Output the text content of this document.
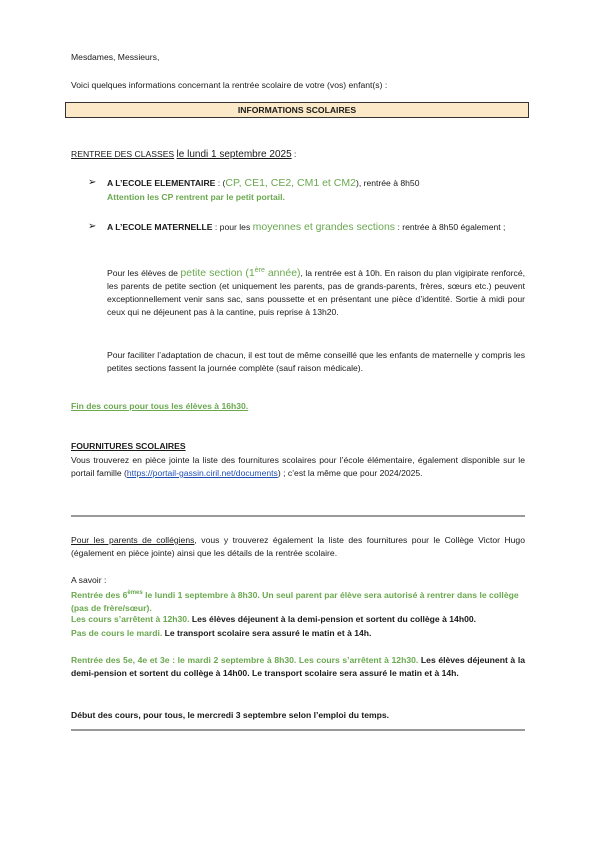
Mesdames, Messieurs,
Voici quelques informations concernant la rentrée scolaire de votre (vos) enfant(s) :
INFORMATIONS SCOLAIRES
RENTREE DES CLASSES le lundi 1 septembre 2025 :
➢ A L’ECOLE ELEMENTAIRE : (CP, CE1, CE2, CM1 et CM2), rentrée à 8h50
Attention les CP rentrent par le petit portail.
➢ A L’ECOLE MATERNELLE : pour les moyennes et grandes sections : rentrée à 8h50 également ;
Pour les élèves de petite section (1ère année), la rentrée est à 10h. En raison du plan vigipirate renforcé, les parents de petite section (et uniquement les parents, pas de grands-parents, frères, sœurs etc.) peuvent exceptionnellement venir sans sac, sans poussette et en présentant une pièce d’identité. Sortie à midi pour ceux qui ne déjeunent pas à la cantine, puis reprise à 13h20.
Pour faciliter l’adaptation de chacun, il est tout de même conseillé que les enfants de maternelle y compris les petites sections fassent la journée complète (sauf raison médicale).
Fin des cours pour tous les élèves à 16h30.
FOURNITURES SCOLAIRES
Vous trouverez en pièce jointe la liste des fournitures scolaires pour l’école élémentaire, également disponible sur le portail famille (https://portail-gassin.ciril.net/documents) ; c’est la même que pour 2024/2025.
Pour les parents de collégiens, vous y trouverez également la liste des fournitures pour le Collège Victor Hugo (également en pièce jointe) ainsi que les détails de la rentrée scolaire.
A savoir :
Rentrée des 6èmes le lundi 1 septembre à 8h30. Un seul parent par élève sera autorisé à rentrer dans le collège (pas de frère/sœur).
Les cours s’arrêtent à 12h30. Les élèves déjeunent à la demi-pension et sortent du collège à 14h00.
Pas de cours le mardi. Le transport scolaire sera assuré le matin et à 14h.
Rentrée des 5e, 4e et 3e : le mardi 2 septembre à 8h30. Les cours s’arrêtent à 12h30. Les élèves déjeunent à la demi-pension et sortent du collège à 14h00. Le transport scolaire sera assuré le matin et à 14h.
Début des cours, pour tous, le mercredi 3 septembre selon l’emploi du temps.
